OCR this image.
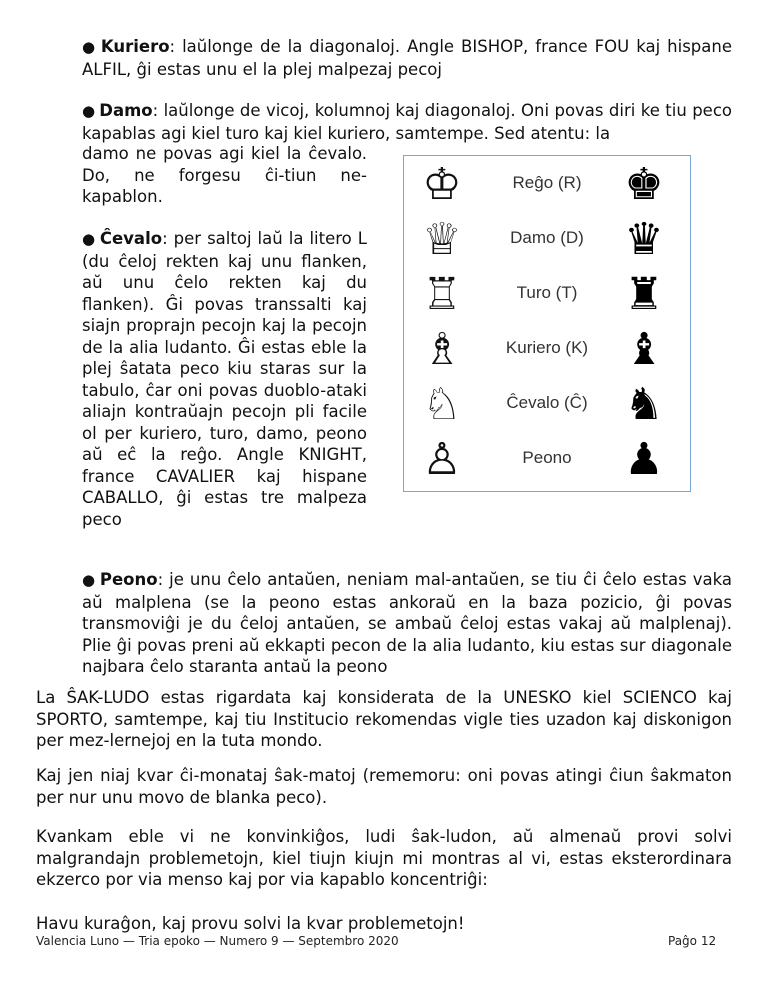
● Kuriero: laŭlonge de la diagonaloj. Angle BISHOP, france FOU kaj hispane ALFIL, ĝi estas unu el la plej malpezaj pecoj

● Damo: laŭlonge de vicoj, kolumnoj kaj diagonaloj. Oni povas diri ke tiu peco kapablas agi kiel turo kaj kiel kuriero, samtempe. Sed atentu: la

damo ne povas agi kiel la ĉevalo. Do, ne forgesu ĉi-tiun ne-kapablon.

● Ĉevalo: per saltoj laŭ la litero L (du ĉeloj rekten kaj unu flanken, aŭ unu ĉelo rekten kaj du flanken). Ĝi povas transsalti kaj siajn proprajn pecojn kaj la pecojn de la alia ludanto. Ĝi estas eble la plej ŝatata peco kiu staras sur la tabulo, ĉar oni povas duoblo-ataki aliajn kontraŭajn pecojn pli facile ol per kuriero, turo, damo, peono aŭ eĉ la reĝo. Angle KNIGHT, france CAVALIER kaj hispane CABALLO, ĝi estas tre malpeza peco

♔	Reĝo (R) ♚
♕	Damo (D) ♛
♖	Turo (T)	♜
♗	Kuriero (K) ♝
♘	Ĉevalo (Ĉ) ♞
♙	Peono	♟

● Peono: je unu ĉelo antaŭen, neniam mal-antaŭen, se tiu ĉi ĉelo estas vaka aŭ malplena (se la peono estas ankoraŭ en la baza pozicio, ĝi povas transmoviĝi je du ĉeloj antaŭen, se ambaŭ ĉeloj estas vakaj aŭ malplenaj). Plie ĝi povas preni aŭ ekkapti pecon de la alia ludanto, kiu estas sur diagonale najbara ĉelo staranta antaŭ la peono

La ŜAK-LUDO estas rigardata kaj konsiderata de la UNESKO kiel SCIENCO kaj SPORTO, samtempe, kaj tiu Institucio rekomendas vigle ties uzadon kaj diskonigon per mez-lernejoj en la tuta mondo.

Kaj jen niaj kvar ĉi-monataj ŝak-matoj (rememoru: oni povas atingi ĉiun ŝakmaton per nur unu movo de blanka peco).

Kvankam eble vi ne konvinkiĝos, ludi ŝak-ludon, aŭ almenaŭ provi solvi malgrandajn problemetojn, kiel tiujn kiujn mi montras al vi, estas eksterordinara ekzerco por via menso kaj por via kapablo koncentriĝi:

Havu kuraĝon, kaj provu solvi la kvar problemetojn!

Valencia Luno — Tria epoko — Numero 9 — Septembro 2020	Paĝo 12
